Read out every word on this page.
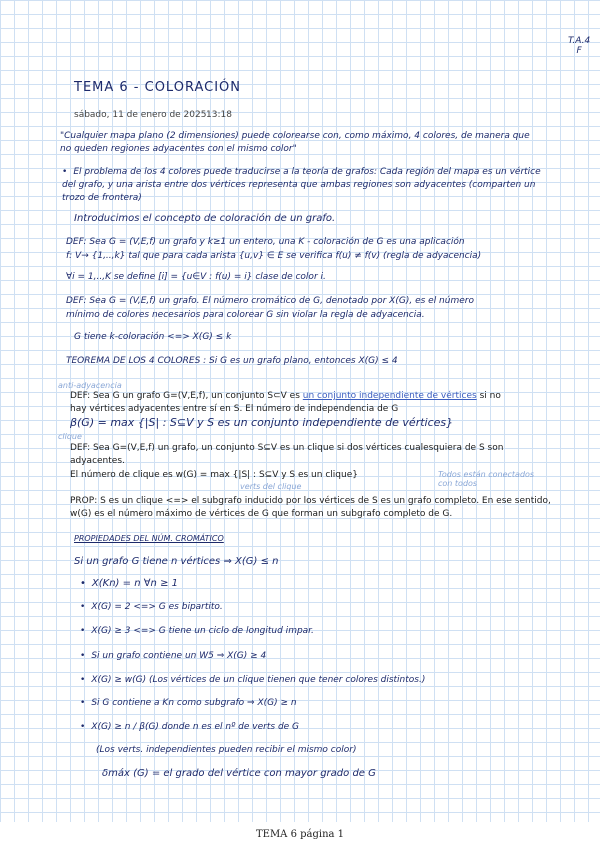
T.A.4
F
TEMA 6 - COLORACIÓN
sábado, 11 de enero de 2025 13:18
"Cualquier mapa plano (2 dimensiones) puede colorearse con, como máximo, 4 colores, de manera que no queden regiones adyacentes con el mismo color"
• El problema de los 4 colores puede traducirse a la teoría de grafos: Cada región del mapa es un vértice del grafo, y una arista entre dos vértices representa que ambas regiones son adyacentes (comparten un trozo de frontera)
Introducimos el concepto de coloración de un grafo.
DEF: Sea G = (V,E,f) un grafo y k≥1 un entero, una K - coloración de G es una aplicación
f: V→ {1,..,k} tal que para cada arista {u,v} ∈ E se verifica f(u) ≠ f(v) (regla de adyacencia)
∀i = 1,..,K se define [i] = {u∈V : f(u) = i} clase de color i.
DEF: Sea G = (V,E,f) un grafo. El número cromático de G, denotado por X(G), es el número
mínimo de colores necesarios para colorear G sin violar la regla de adyacencia.
G tiene k-coloración <=> X(G) ≤ k
TEOREMA DE LOS 4 COLORES : Si G es un grafo plano, entonces X(G) ≤ 4
anti-adyacencia
DEF: Sea G un grafo G=(V,E,f), un conjunto S⊂V es un conjunto independiente de vértices si no
hay vértices adyacentes entre sí en S. El número de independencia de G
β(G) = max {|S| : S⊆V y S es un conjunto independiente de vértices}
clique
DEF: Sea G=(V,E,f) un grafo, un conjunto S⊆V es un clique si dos vértices cualesquiera de S son
adyacentes.
El número de clique es w(G) = max {|S| : S⊆V y S es un clique}	Todos están conectados con todos
verts del clique
PROP: S es un clique <=> el subgrafo inducido por los vértices de S es un grafo completo. En ese sentido,
w(G) es el número máximo de vértices de G que forman un subgrafo completo de G.
PROPIEDADES DEL NÚM. CROMÁTICO
Si un grafo G tiene n vértices ⇒ X(G) ≤ n
• X(Kn) = n ∀n ≥ 1
• X(G) = 2 <=> G es bipartito.
• X(G) ≥ 3 <=> G tiene un ciclo de longitud impar.
• Si un grafo contiene un W5 ⇒ X(G) ≥ 4
• X(G) ≥ w(G) (Los vértices de un clique tienen que tener colores distintos.)
• Si G contiene a Kn como subgrafo ⇒ X(G) ≥ n
• X(G) ≥ n / β(G) donde n es el nº de verts de G
(Los verts. independientes pueden recibir el mismo color)
δmáx (G) = el grado del vértice con mayor grado de G
TEMA 6 página 1
